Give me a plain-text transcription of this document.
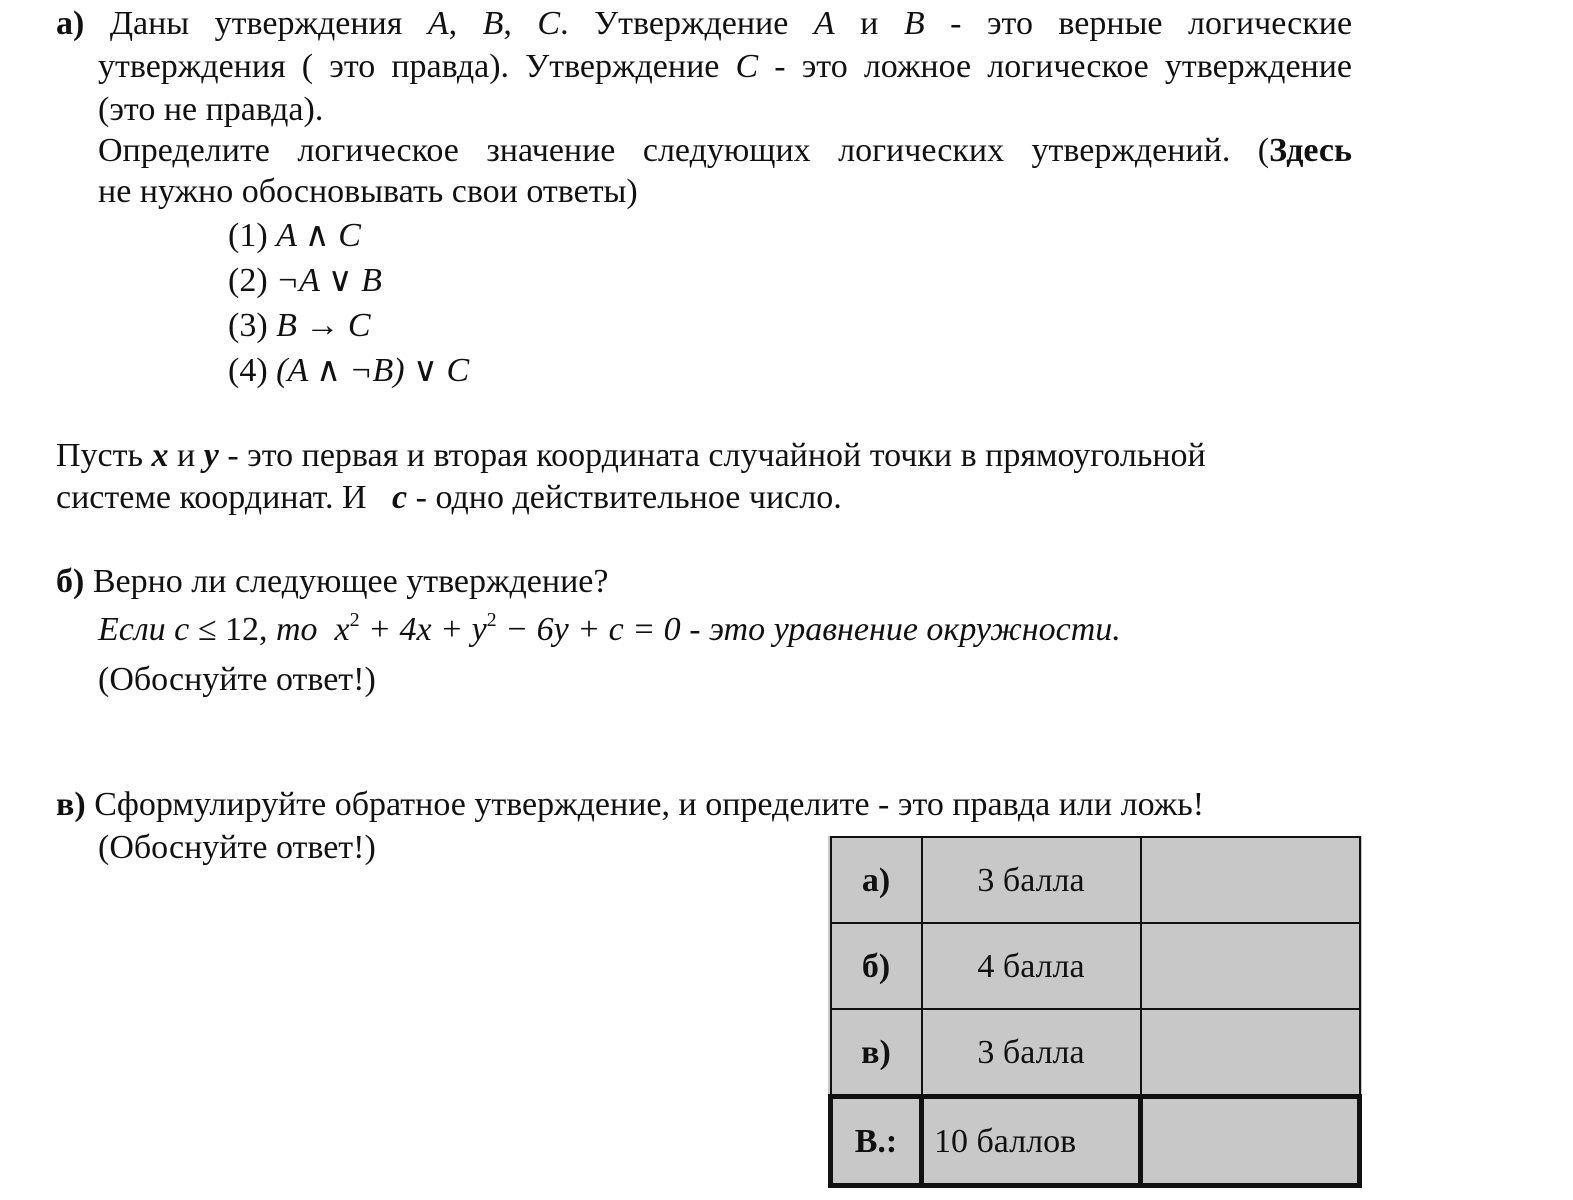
а) Даны утверждения A, B, C. Утверждение A и B - это верные логические
утверждения ( это правда). Утверждение C - это ложное логическое утверждение
(это не правда).
Определите логическое значение следующих логических утверждений. (Здесь
не нужно обосновывать свои ответы)
(1) A ∧ C
(2) ¬A ∨ B
(3) B → C
(4) (A ∧ ¬B) ∨ C
Пусть x и y - это первая и вторая координата случайной точки в прямоугольной
системе координат. И c - одно действительное число.
б) Верно ли следующее утверждение?
Если c ≤ 12, то $x^2 + 4x + y^2 - 6y + c = 0$ - это уравнение окружности.
(Обоснуйте ответ!)
в) Сформулируйте обратное утверждение, и определите - это правда или ложь!
(Обоснуйте ответ!)
а)	3 балла	
б)	4 балла	
в)	3 балла	
В.:	10 баллов	
